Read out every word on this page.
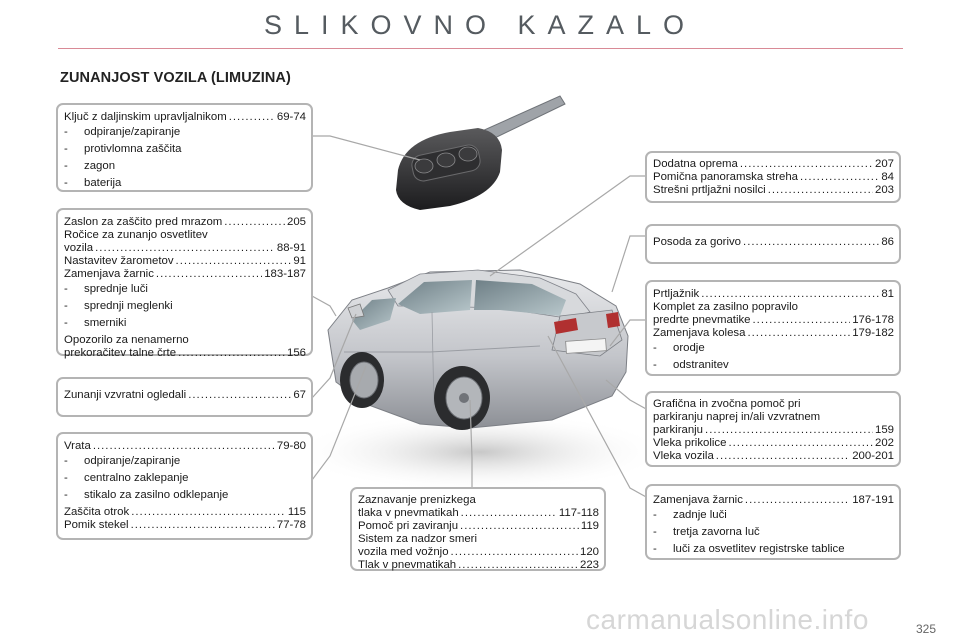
SLIKOVNO KAZALO
ZUNANJOST VOZILA (LIMUZINA)
Ključ z daljinskim upravljalnikom .....	69-74
- odpiranje/zapiranje
- protivlomna zaščita
- zagon
- baterija
Zaslon za zaščito pred mrazom .....	205
Ročice za zunanjo osvetlitev
vozila .....	88-91
Nastavitev žarometov .....	91
Zamenjava žarnic .....	183-187
- sprednje luči
- sprednji meglenki
- smerniki
Opozorilo za nenamerno
prekoračitev talne črte .....	156
Zunanji vzvratni ogledali .....	67
Vrata .....	79-80
- odpiranje/zapiranje
- centralno zaklepanje
- stikalo za zasilno odklepanje
Zaščita otrok .....	115
Pomik stekel .....	77-78
Zaznavanje prenizkega
tlaka v pnevmatikah .....	117-118
Pomoč pri zaviranju .....	119
Sistem za nadzor smeri
vozila med vožnjo .....	120
Tlak v pnevmatikah .....	223
Dodatna oprema .....	207
Pomična panoramska streha .....	84
Strešni prtljažni nosilci .....	203
Posoda za gorivo .....	86
Prtljažnik .....	81
Komplet za zasilno popravilo
predrte pnevmatike .....	176-178
Zamenjava kolesa .....	179-182
- orodje
- odstranitev
Grafična in zvočna pomoč pri
parkiranju naprej in/ali vzvratnem
parkiranju .....	159
Vleka prikolice .....	202
Vleka vozila .....	200-201
Zamenjava žarnic .....	187-191
- zadnje luči
- tretja zavorna luč
- luči za osvetlitev registrske tablice
carmanualsonline.info	325
